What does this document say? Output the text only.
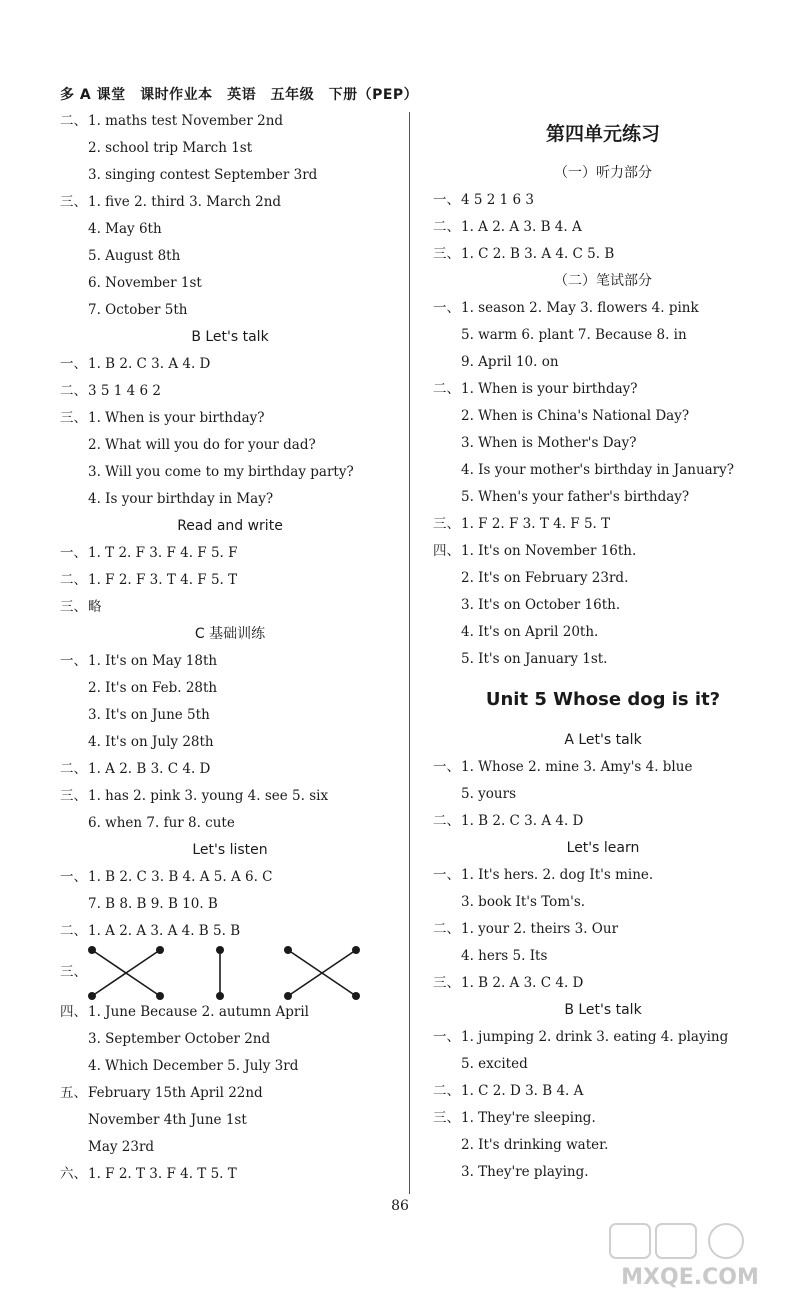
多 A 课堂　课时作业本　英语　五年级　下册（PEP）
二、1. maths test November 2nd
2. school trip March 1st
3. singing contest September 3rd
三、1. five 2. third 3. March 2nd
4. May 6th
5. August 8th
6. November 1st
7. October 5th
B Let's talk
一、1. B 2. C 3. A 4. D
二、3 5 1 4 6 2
三、1. When is your birthday?
2. What will you do for your dad?
3. Will you come to my birthday party?
4. Is your birthday in May?
Read and write
一、1. T 2. F 3. F 4. F 5. F
二、1. F 2. F 3. T 4. F 5. T
三、略
C 基础训练
一、1. It's on May 18th
2. It's on Feb. 28th
3. It's on June 5th
4. It's on July 28th
二、1. A 2. B 3. C 4. D
三、1. has 2. pink 3. young 4. see 5. six
6. when 7. fur 8. cute
Let's listen
一、1. B 2. C 3. B 4. A 5. A 6. C
7. B 8. B 9. B 10. B
二、1. A 2. A 3. A 4. B 5. B
三、
四、1. June Because 2. autumn April
3. September October 2nd
4. Which December 5. July 3rd
五、February 15th April 22nd
November 4th June 1st
May 23rd
六、1. F 2. T 3. F 4. T 5. T
第四单元练习
（一）听力部分
一、4 5 2 1 6 3
二、1. A 2. A 3. B 4. A
三、1. C 2. B 3. A 4. C 5. B
（二）笔试部分
一、1. season 2. May 3. flowers 4. pink
5. warm 6. plant 7. Because 8. in
9. April 10. on
二、1. When is your birthday?
2. When is China's National Day?
3. When is Mother's Day?
4. Is your mother's birthday in January?
5. When's your father's birthday?
三、1. F 2. F 3. T 4. F 5. T
四、1. It's on November 16th.
2. It's on February 23rd.
3. It's on October 16th.
4. It's on April 20th.
5. It's on January 1st.
Unit 5 Whose dog is it?
A Let's talk
一、1. Whose 2. mine 3. Amy's 4. blue
5. yours
二、1. B 2. C 3. A 4. D
Let's learn
一、1. It's hers. 2. dog It's mine.
3. book It's Tom's.
二、1. your 2. theirs 3. Our
4. hers 5. Its
三、1. B 2. A 3. C 4. D
B Let's talk
一、1. jumping 2. drink 3. eating 4. playing
5. excited
二、1. C 2. D 3. B 4. A
三、1. They're sleeping.
2. It's drinking water.
3. They're playing.
86
MXQE.COM
